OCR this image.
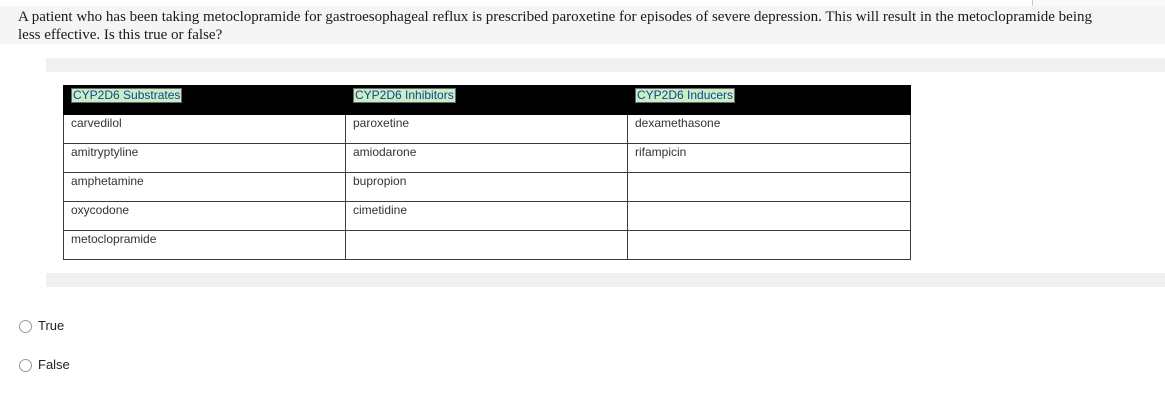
A patient who has been taking metoclopramide for gastroesophageal reflux is prescribed paroxetine for episodes of severe depression. This will result in the metoclopramide being
less effective. Is this true or false?
CYP2D6 Substrates	CYP2D6 Inhibitors	CYP2D6 Inducers
carvedilol	paroxetine	dexamethasone
amitryptyline	amiodarone	rifampicin
amphetamine	bupropion	
oxycodone	cimetidine	
metoclopramide		
True
False
